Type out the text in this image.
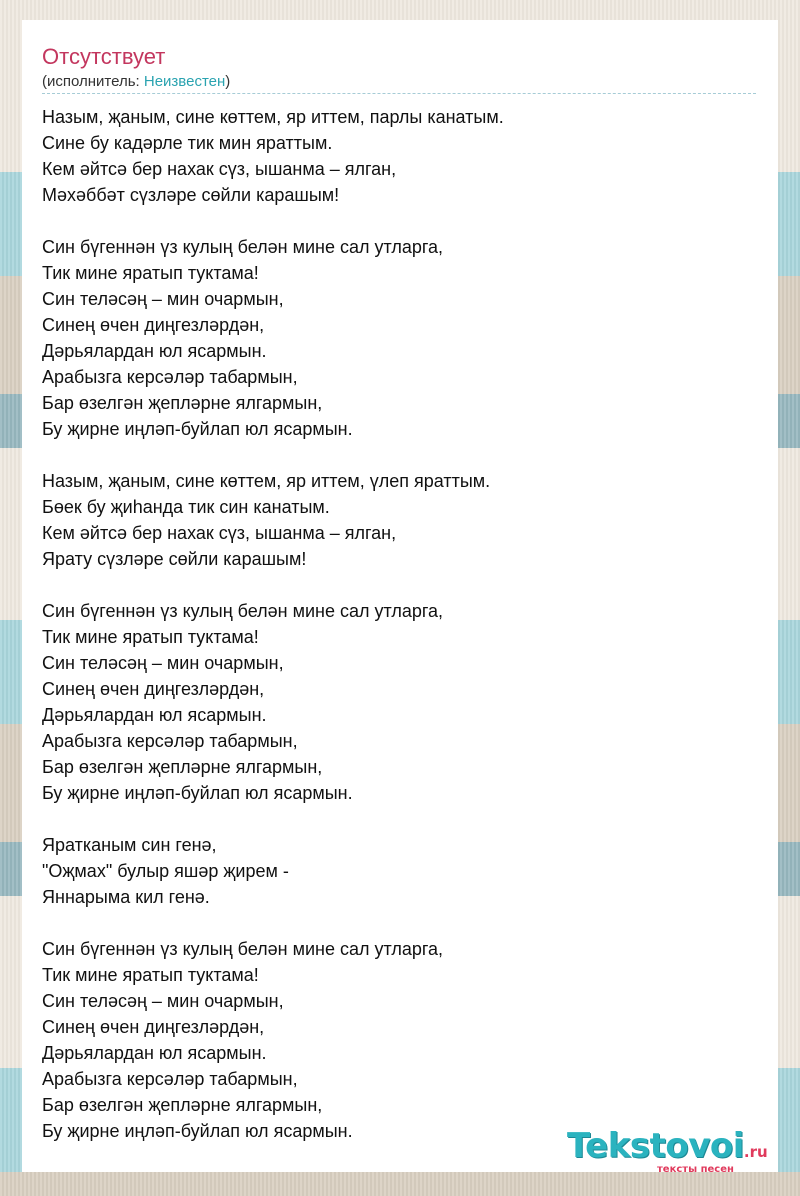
Отсутствует
(исполнитель: Неизвестен)
Назым, җаным, сине көттем, яр иттем, парлы канатым.
Сине бу кадәрле тик мин яраттым.
Кем әйтсә бер нахак сүз, ышанма – ялган,
Мәхәббәт сүзләре сөйли карашым!
Син бүгеннән үз кулың белән мине сал утларга,
Тик мине яратып туктама!
Син теләсәң – мин очармын,
Синең өчен диңгезләрдән,
Дәрьялардан юл ясармын.
Арабызга керсәләр табармын,
Бар өзелгән җепләрне ялгармын,
Бу җирне иңләп-буйлап юл ясармын.
Назым, җаным, сине көттем, яр иттем, үлеп яраттым.
Бөек бу җиһанда тик син канатым.
Кем әйтсә бер нахак сүз, ышанма – ялган,
Ярату сүзләре сөйли карашым!
Син бүгеннән үз кулың белән мине сал утларга,
Тик мине яратып туктама!
Син теләсәң – мин очармын,
Синең өчен диңгезләрдән,
Дәрьялардан юл ясармын.
Арабызга керсәләр табармын,
Бар өзелгән җепләрне ялгармын,
Бу җирне иңләп-буйлап юл ясармын.
Яратканым син генә,
"Оҗмах" булыр яшәр җирем -
Яннарыма кил генә.
Син бүгеннән үз кулың белән мине сал утларга,
Тик мине яратып туктама!
Син теләсәң – мин очармын,
Синең өчен диңгезләрдән,
Дәрьялардан юл ясармын.
Арабызга керсәләр табармын,
Бар өзелгән җепләрне ялгармын,
Бу җирне иңләп-буйлап юл ясармын.	Tekstovoi.ru
тексты песен
